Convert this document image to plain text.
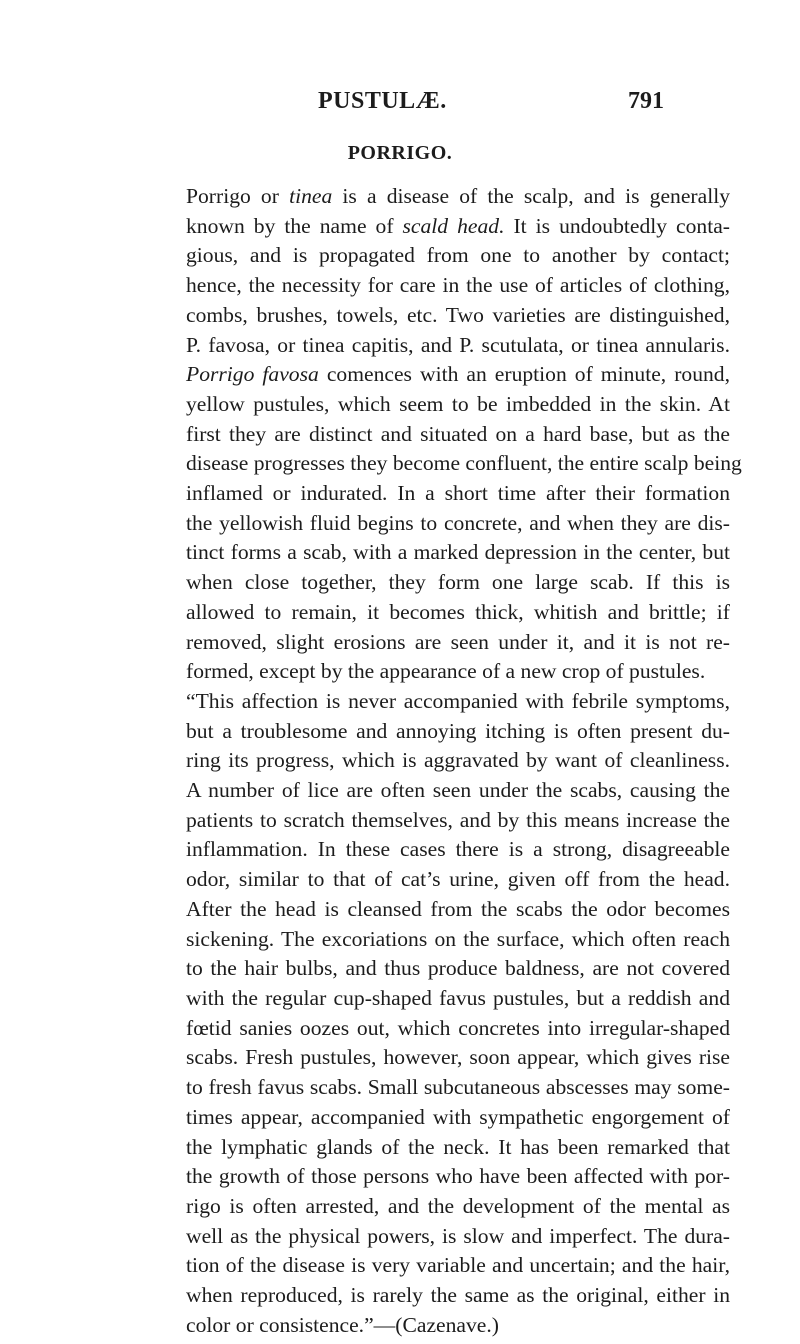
PUSTULÆ.	791
PORRIGO.

Porrigo or tinea is a disease of the scalp, and is generally
known by the name of scald head. It is undoubtedly conta-
gious, and is propagated from one to another by contact;
hence, the necessity for care in the use of articles of clothing,
combs, brushes, towels, etc. Two varieties are distinguished,
P. favosa, or tinea capitis, and P. scutulata, or tinea annularis.
Porrigo favosa comences with an eruption of minute, round,
yellow pustules, which seem to be imbedded in the skin. At
first they are distinct and situated on a hard base, but as the
disease progresses they become confluent, the entire scalp being
inflamed or indurated. In a short time after their formation
the yellowish fluid begins to concrete, and when they are dis-
tinct forms a scab, with a marked depression in the center, but
when close together, they form one large scab. If this is
allowed to remain, it becomes thick, whitish and brittle; if
removed, slight erosions are seen under it, and it is not re-
formed, except by the appearance of a new crop of pustules.

“This affection is never accompanied with febrile symptoms,
but a troublesome and annoying itching is often present du-
ring its progress, which is aggravated by want of cleanliness.
A number of lice are often seen under the scabs, causing the
patients to scratch themselves, and by this means increase the
inflammation. In these cases there is a strong, disagreeable
odor, similar to that of cat’s urine, given off from the head.
After the head is cleansed from the scabs the odor becomes
sickening. The excoriations on the surface, which often reach
to the hair bulbs, and thus produce baldness, are not covered
with the regular cup-shaped favus pustules, but a reddish and
fœtid sanies oozes out, which concretes into irregular-shaped
scabs. Fresh pustules, however, soon appear, which gives rise
to fresh favus scabs. Small subcutaneous abscesses may some-
times appear, accompanied with sympathetic engorgement of
the lymphatic glands of the neck. It has been remarked that
the growth of those persons who have been affected with por-
rigo is often arrested, and the development of the mental as
well as the physical powers, is slow and imperfect. The dura-
tion of the disease is very variable and uncertain; and the hair,
when reproduced, is rarely the same as the original, either in
color or consistence.”—(Cazenave.)
